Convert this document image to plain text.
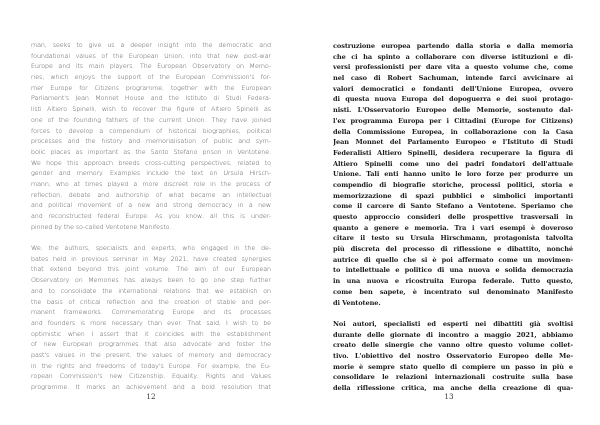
man, seeks to give us a deeper insight into the democratic and
foundational values of the European Union, into that new post-war
Europe and its main players. The European Observatory on Memo-
ries, which enjoys the support of the European Commission's for-
mer Europe for Citizens programme, together with the European
Parliament's Jean Monnet House and the Istituto di Studi Federa-
listi Altiero Spinelli, wish to recover the figure of Altiero Spinelli as
one of the founding fathers of the current Union. They have joined
forces to develop a compendium of historical biographies, political
processes and the history and memorialisation of public and sym-
bolic places as important as the Santo Stefano prison in Ventotene.
We hope this approach breeds cross-cutting perspectives, related to
gender and memory. Examples include the text on Ursula Hirsch-
mann, who at times played a more discreet role in the process of
reflection, debate and authorship of what became an intellectual
and political movement of a new and strong democracy in a new
and reconstructed federal Europe. As you know, all this is under-
pinned by the so-called Ventotene Manifesto.
We, the authors, specialists and experts, who engaged in the de-
bates held in previous seminar in May 2021, have created synergies
that extend beyond this joint volume. The aim of our European
Observatory on Memories has always been to go one step further
and to consolidate the international relations that we establish on
the basis of critical reflection and the creation of stable and per-
manent frameworks. Commemorating Europe and its processes
and founders is more necessary than ever. That said, I wish to be
optimistic when I assert that it coincides with the establishment
of new European programmes that also advocate and foster the
past's values in the present, the values of memory and democracy
in the rights and freedoms of today's Europe. For example, the Eu-
ropean Commission's new Citizenship, Equality, Rights and Values
programme. It marks an achievement and a bold resolution that
12
costruzione europea partendo dalla storia e dalla memoria
che ci ha spinto a collaborare con diverse istituzioni e di-
versi professionisti per dare vita a questo volume che, come
nel caso di Robert Sachuman, intende farci avvicinare ai
valori democratici e fondanti dell'Unione Europea, ovvero
di questa nuova Europa del dopoguerra e dei suoi protago-
nisti. L'Osservatorio Europeo delle Memorie, sostenuto dal-
l'ex programma Europa per i Cittadini (Europe for Citizens)
della Commissione Europea, in collaborazione con la Casa
Jean Monnet del Parlamento Europeo e l'Istituto di Studi
Federalisti Altiero Spinelli, desidera recuperare la figura di
Altiero Spinelli come uno dei padri fondatori dell'attuale
Unione. Tali enti hanno unito le loro forze per produrre un
compendio di biografie storiche, processi politici, storia e
memorizzazione di spazi pubblici e simbolici importanti
come il carcere di Santo Stefano a Ventotene. Speriamo che
questo approccio consideri delle prospettive trasversali in
quanto a genere e memoria. Tra i vari esempi è doveroso
citare il testo su Ursula Hirschmann, protagonista talvolta
più discreta del processo di riflessione e dibattito, nonché
autrice di quello che si è poi affermato come un movimen-
to intellettuale e politico di una nuova e solida democrazia
in una nuova e ricostruita Europa federale. Tutto questo,
come ben sapete, è incentrato sul denominato Manifesto
di Ventotene.
Noi autori, specialisti ed esperti nei dibattiti già svoltisi
durante delle giornate di incontro a maggio 2021, abbiamo
creato delle sinergie che vanno oltre questo volume collet-
tivo. L'obiettivo del nostro Osservatorio Europeo delle Me-
morie è sempre stato quello di compiere un passo in più e
consolidare le relazioni internazionali costruite sulla base
della riflessione critica, ma anche della creazione di qua-
13
